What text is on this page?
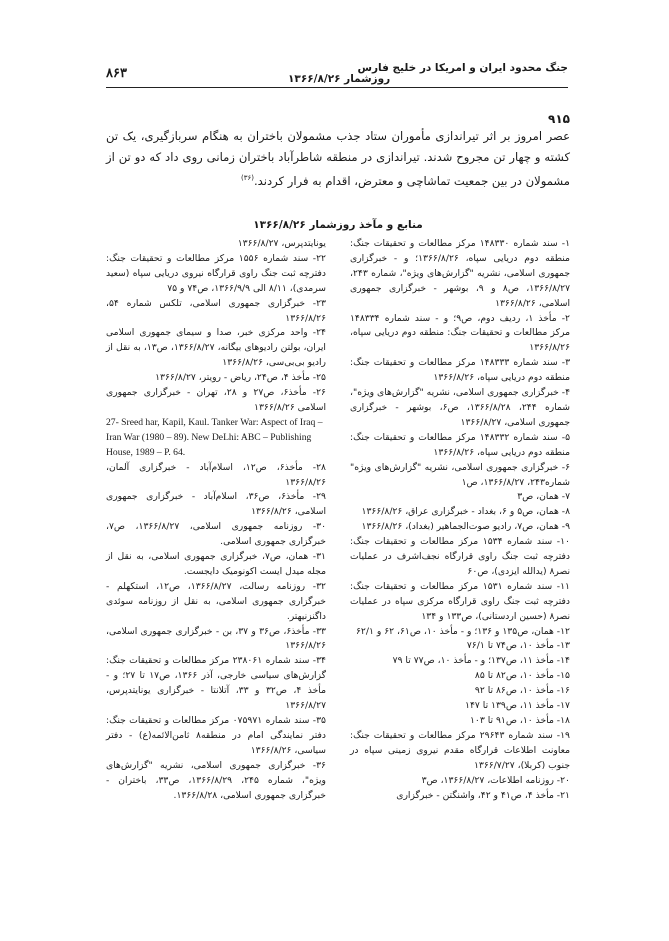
۸۶۳	روزشمار ۱۳۶۶/۸/۲۶
جنگ محدود ایران و امریکا در خلیج فارس
۹۱۵

عصر امروز بر اثر تیراندازی مأموران ستاد جذب مشمولان باختران به هنگام سربازگیری، یک تن کشته و چهار تن مجروح شدند. تیراندازی در منطقه شاطرآباد باختران زمانی روی داد که دو تن از مشمولان در بین جمعیت تماشاچی و معترض، اقدام به فرار کردند.$^{(۳۶)}$

منابع و مآخذ روزشمار ۱۳۶۶/۸/۲۶

۱- سند شماره ۱۴۸۳۳۰ مرکز مطالعات و تحقیقات جنگ: منطقه دوم دریایی سپاه، ۱۳۶۶/۸/۲۶؛ و - خبرگزاری جمهوری اسلامی، نشریه "گزارش‌های ویژه"، شماره ۲۴۳، ۱۳۶۶/۸/۲۷، ص۸ و ۹، بوشهر - خبرگزاری جمهوری اسلامی، ۱۳۶۶/۸/۲۶

۲- مأخذ ۱، ردیف دوم، ص۹؛ و - سند شماره ۱۴۸۳۳۴ مرکز مطالعات و تحقیقات جنگ: منطقه دوم دریایی سپاه، ۱۳۶۶/۸/۲۶

۳- سند شماره ۱۴۸۳۳۳ مرکز مطالعات و تحقیقات جنگ: منطقه دوم دریایی سپاه، ۱۳۶۶/۸/۲۶

۴- خبرگزاری جمهوری اسلامی، نشریه "گزارش‌های ویژه"، شماره ۲۴۴، ۱۳۶۶/۸/۲۸، ص۶، بوشهر - خبرگزاری جمهوری اسلامی، ۱۳۶۶/۸/۲۷

۵- سند شماره ۱۴۸۳۳۲ مرکز مطالعات و تحقیقات جنگ: منطقه دوم دریایی سپاه، ۱۳۶۶/۸/۲۶

۶- خبرگزاری جمهوری اسلامی، نشریه "گزارش‌های ویژه" شماره۲۴۳، ۱۳۶۶/۸/۲۷، ص۱

۷- همان، ص۳

۸- همان، ص۵ و ۶، بغداد - خبرگزاری عراق، ۱۳۶۶/۸/۲۶

۹- همان، ص۷، رادیو صوت‌الجماهیر (بغداد)، ۱۳۶۶/۸/۲۶

۱۰- سند شماره ۱۵۳۴ مرکز مطالعات و تحقیقات جنگ: دفترچه ثبت جنگ راوی قرارگاه نجف‌اشرف در عملیات نصر۸ (یدالله ایزدی)، ص۶۰

۱۱- سند شماره ۱۵۳۱ مرکز مطالعات و تحقیقات جنگ: دفترچه ثبت جنگ راوی قرارگاه مرکزی سپاه در عملیات نصر۸ (حسین اردستانی)، ص۱۳۳ و ۱۳۴

۱۲- همان، ص۱۳۵ و ۱۳۶؛ و - مأخذ ۱۰، ص۶۱، ۶۲ و ۶۲/۱

۱۳- مأخذ ۱۰، ص۷۴ تا ۷۶/۱

۱۴- مأخذ ۱۱، ص۱۳۷؛ و - مأخذ ۱۰، ص۷۷ تا ۷۹

۱۵- مأخذ ۱۰، ص۸۲ تا ۸۵

۱۶- مأخذ ۱۰، ص۸۶ تا ۹۲

۱۷- مأخذ ۱۱، ص۱۳۹ تا ۱۴۷

۱۸- مأخذ ۱۰، ص۹۱ تا ۱۰۳

۱۹- سند شماره ۲۹۶۴۳ مرکز مطالعات و تحقیقات جنگ: معاونت اطلاعات قرارگاه مقدم نیروی زمینی سپاه در جنوب (کربلا)، ۱۳۶۶/۷/۲۷

۲۰- روزنامه اطلاعات، ۱۳۶۶/۸/۲۷، ص۳

۲۱- مأخذ ۴، ص۴۱ و ۴۲، واشنگتن - خبرگزاری

یونایتدپرس، ۱۳۶۶/۸/۲۷

۲۲- سند شماره ۱۵۵۶ مرکز مطالعات و تحقیقات جنگ: دفترچه ثبت جنگ راوی قرارگاه نیروی دریایی سپاه (سعید سرمدی)، ۸/۱۱ الی ۱۳۶۶/۹/۹، ص۷۴ و ۷۵

۲۳- خبرگزاری جمهوری اسلامی، تلکس شماره ۵۴، ۱۳۶۶/۸/۲۶

۲۴- واحد مرکزی خبر، صدا و سیمای جمهوری اسلامی ایران، بولتن رادیوهای بیگانه، ۱۳۶۶/۸/۲۷، ص۱۳، به نقل از رادیو بی‌بی‌سی، ۱۳۶۶/۸/۲۶

۲۵- مأخذ ۴، ص۲۴، ریاض - رویتر، ۱۳۶۶/۸/۲۷

۲۶- مأخذ۶، ص۲۷ و ۲۸، تهران - خبرگزاری جمهوری اسلامی ۱۳۶۶/۸/۲۶

27- Sreed har, Kapil, Kaul. Tanker War: Aspect of Iraq – Iran War (1980 – 89). New DeLhi: ABC – Publishing House, 1989 – P. 64.

۲۸- مأخذ۶، ص۱۲، اسلام‌آباد - خبرگزاری آلمان، ۱۳۶۶/۸/۲۶

۲۹- مأخذ۶، ص۳۶، اسلام‌آباد - خبرگزاری جمهوری اسلامی، ۱۳۶۶/۸/۲۶

۳۰- روزنامه جمهوری اسلامی، ۱۳۶۶/۸/۲۷، ص۷، خبرگزاری جمهوری اسلامی.

۳۱- همان، ص۷، خبرگزاری جمهوری اسلامی، به نقل از مجله میدل ایست اکونومیک دایجست.

۳۲- روزنامه رسالت، ۱۳۶۶/۸/۲۷، ص۱۲، استکهلم - خبرگزاری جمهوری اسلامی، به نقل از روزنامه سوئدی داگنزنیهتر.

۳۳- مأخذ۶، ص۳۶ و ۳۷، بن - خبرگزاری جمهوری اسلامی، ۱۳۶۶/۸/۲۶

۳۴- سند شماره ۲۳۸۰۶۱ مرکز مطالعات و تحقیقات جنگ: گزارش‌های سیاسی خارجی، آذر ۱۳۶۶، ص۱۷ تا ۲۷؛ و - مأخذ ۴، ص۳۲ و ۳۳، آتلانتا - خبرگزاری یونایتدپرس، ۱۳۶۶/۸/۲۷

۳۵- سند شماره ۰۷۵۹۷۱ مرکز مطالعات و تحقیقات جنگ: دفتر نمایندگی امام در منطقه۸ ثامن‌الائمه(ع) - دفتر سیاسی، ۱۳۶۶/۸/۲۶

۳۶- خبرگزاری جمهوری اسلامی، نشریه "گزارش‌های ویژه"، شماره ۲۴۵، ۱۳۶۶/۸/۲۹، ص۳۳، باختران - خبرگزاری جمهوری اسلامی، ۱۳۶۶/۸/۲۸.
